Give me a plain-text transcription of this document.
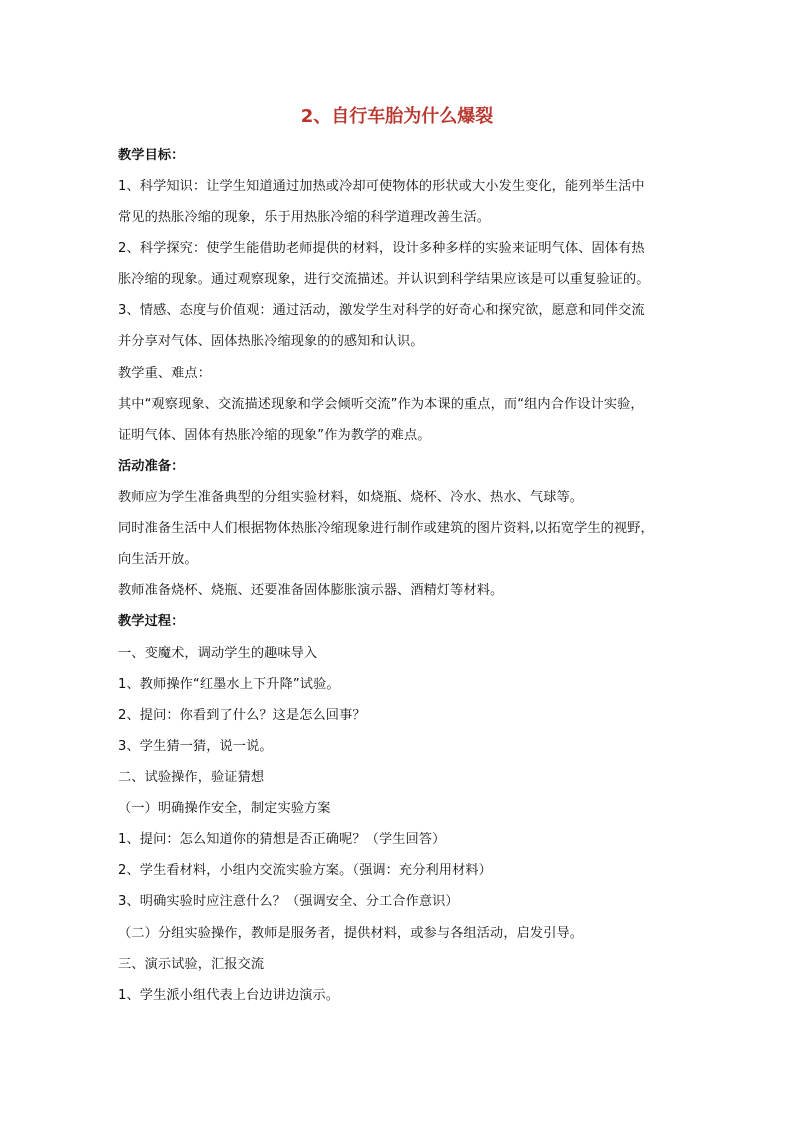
2、自行车胎为什么爆裂
教学目标：
1、科学知识：让学生知道通过加热或冷却可使物体的形状或大小发生变化，能列举生活中
常见的热胀冷缩的现象，乐于用热胀冷缩的科学道理改善生活。
2、科学探究：使学生能借助老师提供的材料，设计多种多样的实验来证明气体、固体有热
胀冷缩的现象。通过观察现象，进行交流描述。并认识到科学结果应该是可以重复验证的。
3、情感、态度与价值观：通过活动，激发学生对科学的好奇心和探究欲，愿意和同伴交流
并分享对气体、固体热胀冷缩现象的的感知和认识。
教学重、难点：
其中“观察现象、交流描述现象和学会倾听交流”作为本课的重点，而“组内合作设计实验，
证明气体、固体有热胀冷缩的现象”作为教学的难点。
活动准备：
教师应为学生准备典型的分组实验材料，如烧瓶、烧杯、冷水、热水、气球等。
同时准备生活中人们根据物体热胀冷缩现象进行制作或建筑的图片资料,以拓宽学生的视野，
向生活开放。
教师准备烧杯、烧瓶、还要准备固体膨胀演示器、酒精灯等材料。
教学过程：
一、变魔术，调动学生的趣味导入
1、教师操作“红墨水上下升降”试验。
2、提问：你看到了什么？这是怎么回事？
3、学生猜一猜，说一说。
二、试验操作，验证猜想
（一）明确操作安全，制定实验方案
1、提问：怎么知道你的猜想是否正确呢？（学生回答）
2、学生看材料，小组内交流实验方案。（强调：充分利用材料）
3、明确实验时应注意什么？（强调安全、分工合作意识）
（二）分组实验操作，教师是服务者，提供材料，或参与各组活动，启发引导。
三、演示试验，汇报交流
1、学生派小组代表上台边讲边演示。
